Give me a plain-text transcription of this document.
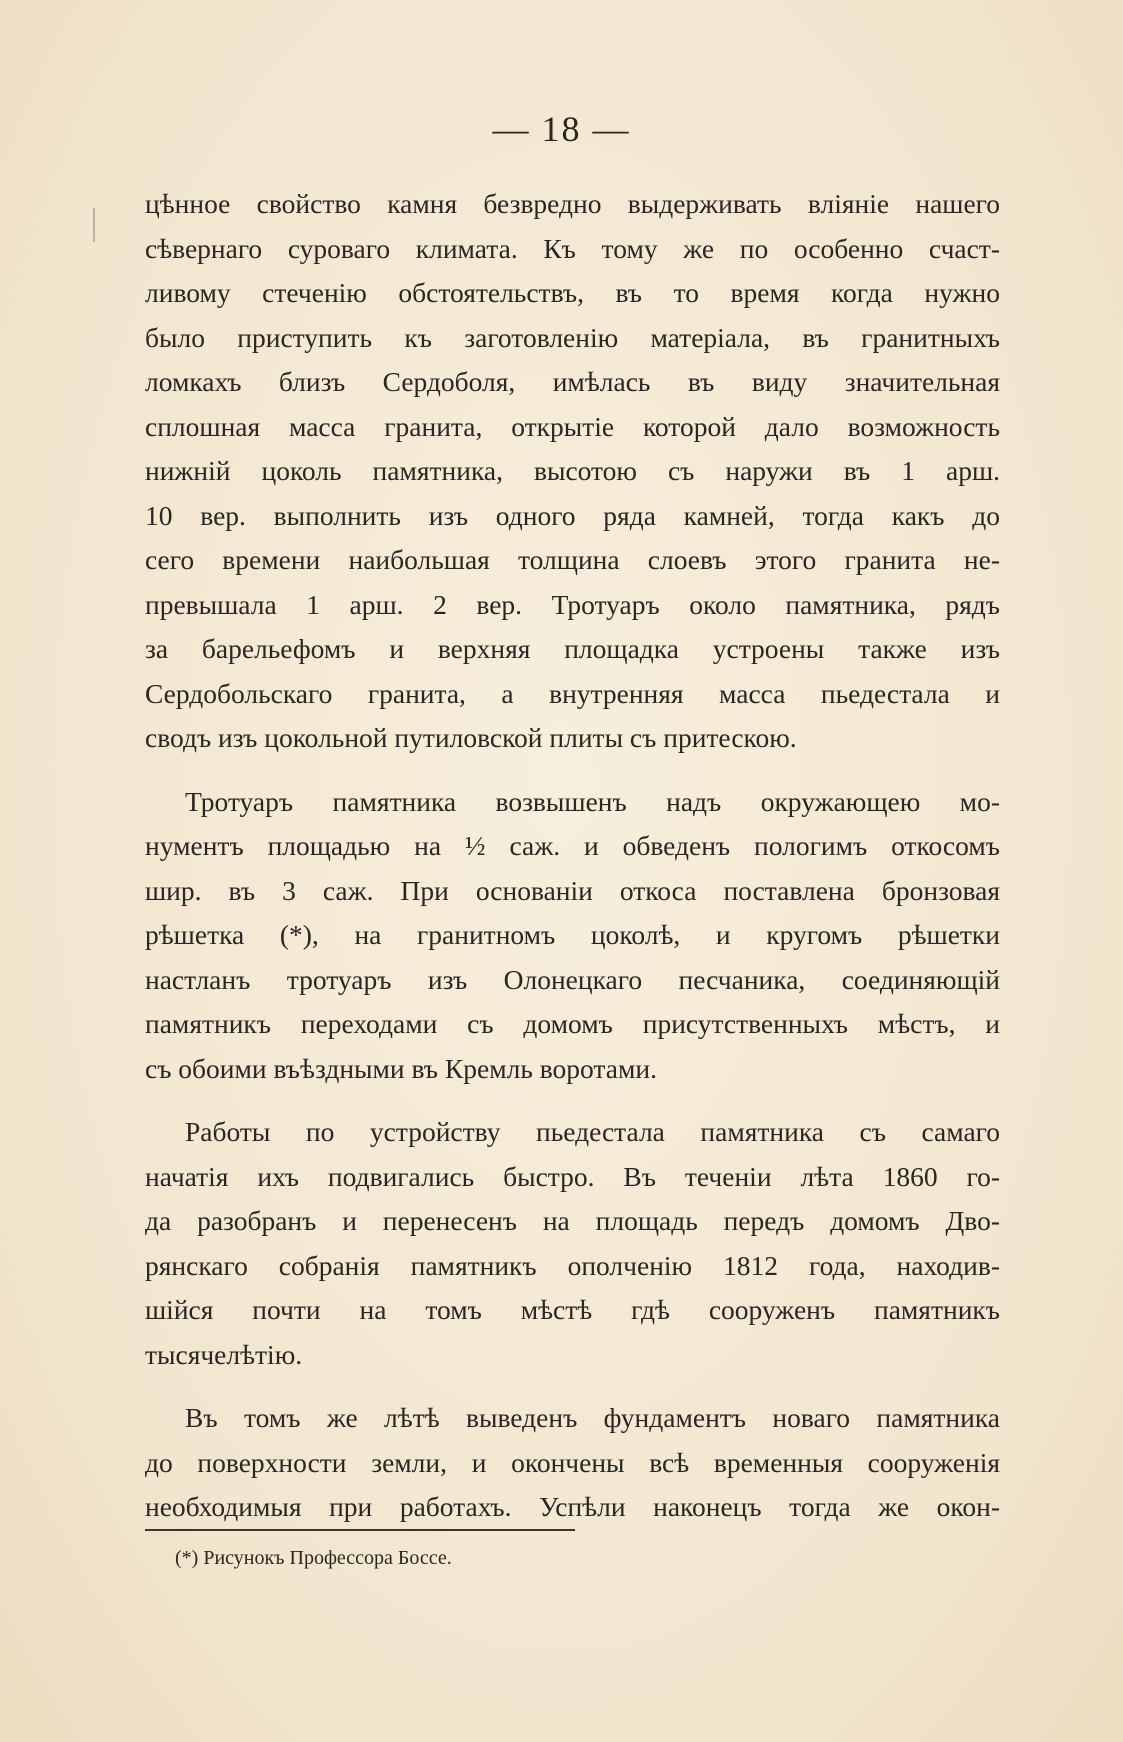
— 18 —
цѣнное свойство камня безвредно выдерживать вліяніе нашего
сѣвернаго суроваго климата. Къ тому же по особенно счаст-
ливому стеченію обстоятельствъ, въ то время когда нужно
было приступить къ заготовленію матеріала, въ гранитныхъ
ломкахъ близъ Сердоболя, имѣлась въ виду значительная
сплошная масса гранита, открытіе которой дало возможность
нижній цоколь памятника, высотою съ наружи въ 1 арш.
10 вер. выполнить изъ одного ряда камней, тогда какъ до
сего времени наибольшая толщина слоевъ этого гранита не-
превышала 1 арш. 2 вер. Тротуаръ около памятника, рядъ
за барельефомъ и верхняя площадка устроены также изъ
Сердобольскаго гранита, а внутренняя масса пьедестала и
сводъ изъ цокольной путиловской плиты съ притескою.
Тротуаръ памятника возвышенъ надъ окружающею мо-
нументъ площадью на ½ саж. и обведенъ пологимъ откосомъ
шир. въ 3 саж. При основаніи откоса поставлена бронзовая
рѣшетка (*), на гранитномъ цоколѣ, и кругомъ рѣшетки
настланъ тротуаръ изъ Олонецкаго песчаника, соединяющій
памятникъ переходами съ домомъ присутственныхъ мѣстъ, и
съ обоими въѣздными въ Кремль воротами.
Работы по устройству пьедестала памятника съ самаго
начатія ихъ подвигались быстро. Въ теченіи лѣта 1860 го-
да разобранъ и перенесенъ на площадь передъ домомъ Дво-
рянскаго собранія памятникъ ополченію 1812 года, находив-
шійся почти на томъ мѣстѣ гдѣ сооруженъ памятникъ
тысячелѣтію.
Въ томъ же лѣтѣ выведенъ фундаментъ новаго памятника
до поверхности земли, и окончены всѣ временныя сооруженія
необходимыя при работахъ. Успѣли наконецъ тогда же окон-
(*) Рисунокъ Профессора Боссе.
